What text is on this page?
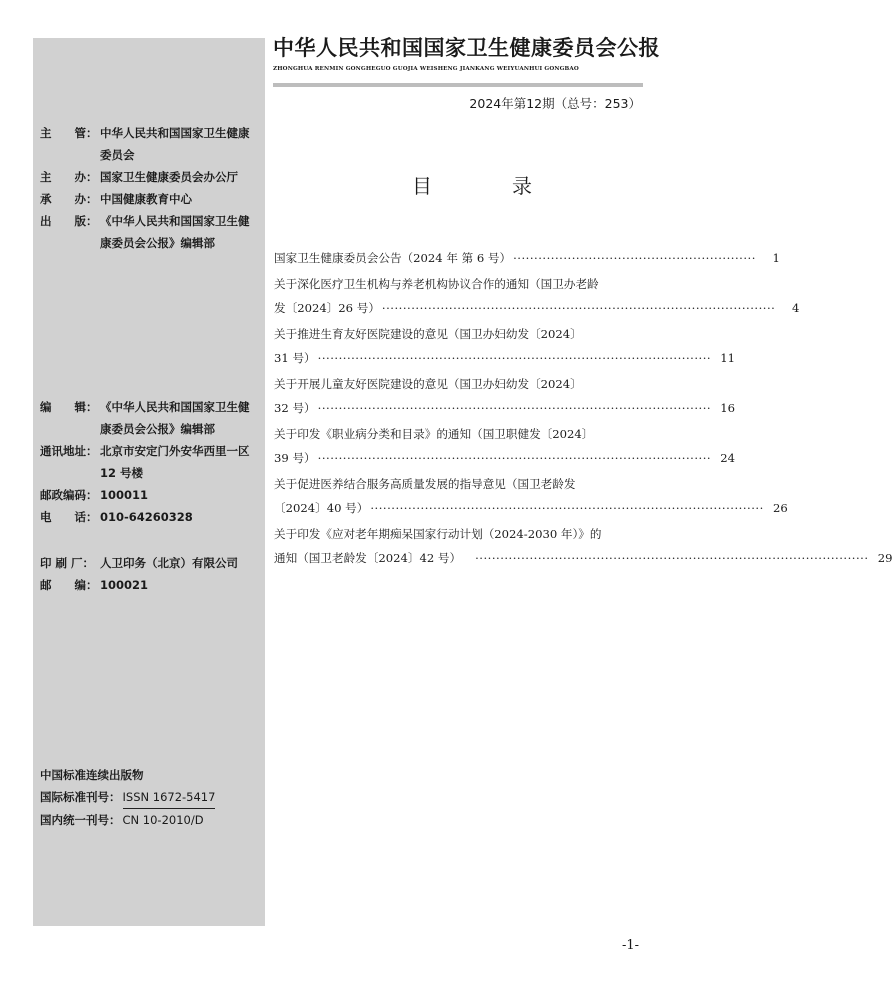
主　　管： 中华人民共和国国家卫生健康委员会
主　　办： 国家卫生健康委员会办公厅
承　　办： 中国健康教育中心
出　　版： 《中华人民共和国国家卫生健康委员会公报》编辑部
编　　辑： 《中华人民共和国国家卫生健康委员会公报》编辑部
通讯地址： 北京市安定门外安华西里一区 12 号楼
邮政编码： 100011
电　　话： 010-64260328
印 刷 厂： 人卫印务（北京）有限公司
邮　　编： 100021
中国标准连续出版物
国际标准刊号： ISSN 1672-5417
国内统一刊号： CN 10-2010/D
中华人民共和国国家卫生健康委员会公报
ZHONGHUA RENMIN GONGHEGUO GUOJIA WEISHENG JIANKANG WEIYUANHUI GONGBAO
2024年第12期（总号：253）
目　录
国家卫生健康委员会公告（2024 年 第 6 号） ··························································	1
关于深化医疗卫生机构与养老机构协议合作的通知（国卫办老龄
发〔2024〕26 号） ······························································································	4
关于推进生育友好医院建设的意见（国卫办妇幼发〔2024〕
31 号） ······························································································ 11
关于开展儿童友好医院建设的意见（国卫办妇幼发〔2024〕
32 号） ······························································································ 16
关于印发《职业病分类和目录》的通知（国卫职健发〔2024〕
39 号） ······························································································ 24
关于促进医养结合服务高质量发展的指导意见（国卫老龄发
〔2024〕40 号） ······························································································ 26
关于印发《应对老年期痴呆国家行动计划（2024-2030 年）》的
通知（国卫老龄发〔2024〕42 号）	······························································································ 29
-1-
